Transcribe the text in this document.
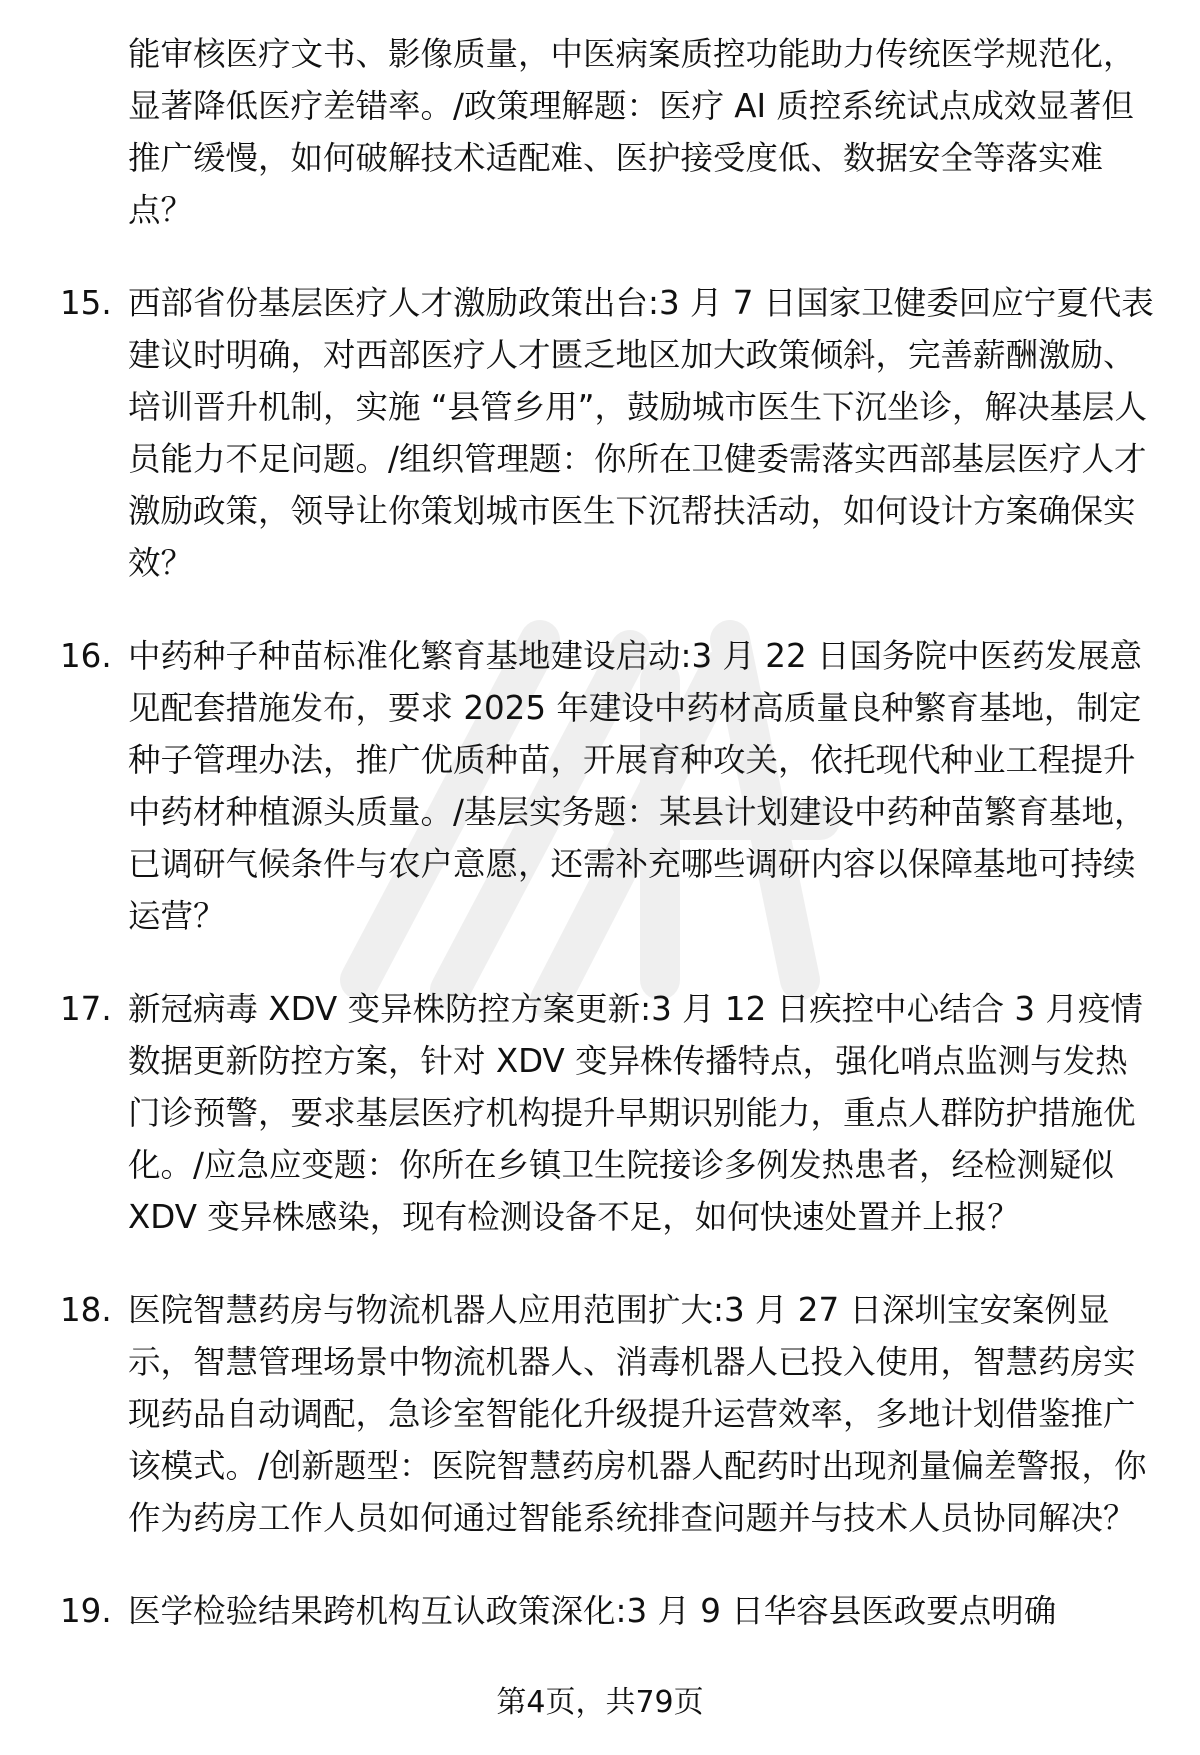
能审核医疗文书、影像质量，中医病案质控功能助力传统医学规范化，显著降低医疗差错率。/政策理解题：医疗 AI 质控系统试点成效显著但推广缓慢，如何破解技术适配难、医护接受度低、数据安全等落实难点？

15. 西部省份基层医疗人才激励政策出台:3 月 7 日国家卫健委回应宁夏代表建议时明确，对西部医疗人才匮乏地区加大政策倾斜，完善薪酬激励、培训晋升机制，实施 “县管乡用”，鼓励城市医生下沉坐诊，解决基层人员能力不足问题。/组织管理题：你所在卫健委需落实西部基层医疗人才激励政策，领导让你策划城市医生下沉帮扶活动，如何设计方案确保实效？
16. 中药种子种苗标准化繁育基地建设启动:3 月 22 日国务院中医药发展意见配套措施发布，要求 2025 年建设中药材高质量良种繁育基地，制定种子管理办法，推广优质种苗，开展育种攻关，依托现代种业工程提升中药材种植源头质量。/基层实务题：某县计划建设中药种苗繁育基地，已调研气候条件与农户意愿，还需补充哪些调研内容以保障基地可持续运营？
17. 新冠病毒 XDV 变异株防控方案更新:3 月 12 日疾控中心结合 3 月疫情数据更新防控方案，针对 XDV 变异株传播特点，强化哨点监测与发热门诊预警，要求基层医疗机构提升早期识别能力，重点人群防护措施优化。/应急应变题：你所在乡镇卫生院接诊多例发热患者，经检测疑似 XDV 变异株感染，现有检测设备不足，如何快速处置并上报？
18. 医院智慧药房与物流机器人应用范围扩大:3 月 27 日深圳宝安案例显示，智慧管理场景中物流机器人、消毒机器人已投入使用，智慧药房实现药品自动调配，急诊室智能化升级提升运营效率，多地计划借鉴推广该模式。/创新题型：医院智慧药房机器人配药时出现剂量偏差警报，你作为药房工作人员如何通过智能系统排查问题并与技术人员协同解决？
19. 医学检验结果跨机构互认政策深化:3 月 9 日华容县医政要点明确
第4页，共79页
